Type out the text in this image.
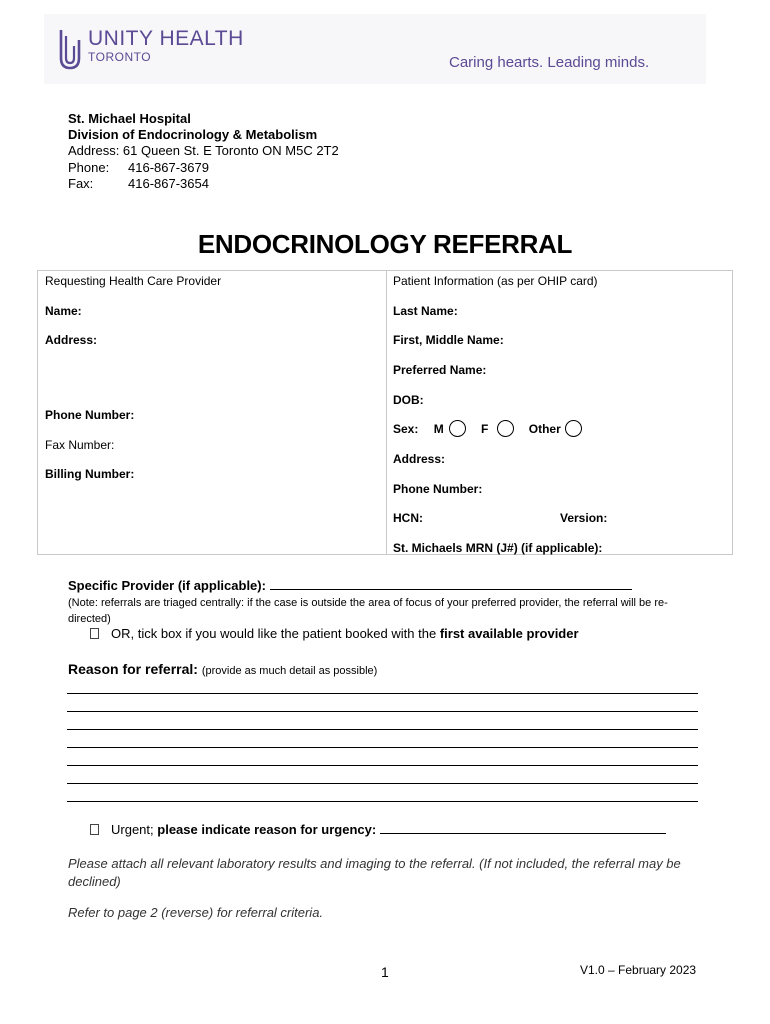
UNITY HEALTH
TORONTO	Caring hearts. Leading minds.
St. Michael Hospital
Division of Endocrinology & Metabolism
Address: 61 Queen St. E Toronto ON M5C 2T2
Phone:	416-867-3679
Fax:	416-867-3654
ENDOCRINOLOGY REFERRAL
Requesting Health Care Provider
Name:
Address:
Phone Number:
Fax Number:
Billing Number:
Patient Information (as per OHIP card)
Last Name:
First, Middle Name:
Preferred Name:
DOB:
Sex: M	F	Other
Address:
Phone Number:
HCN:	Version:
St. Michaels MRN (J#) (if applicable):
Specific Provider (if applicable):
(Note: referrals are triaged centrally: if the case is outside the area of focus of your preferred provider, the referral will be re-directed)
OR, tick box if you would like the patient booked with the first available provider
Reason for referral: (provide as much detail as possible)
Urgent; please indicate reason for urgency:
Please attach all relevant laboratory results and imaging to the referral. (If not included, the referral may be declined)
Refer to page 2 (reverse) for referral criteria.
1	V1.0 – February 2023
